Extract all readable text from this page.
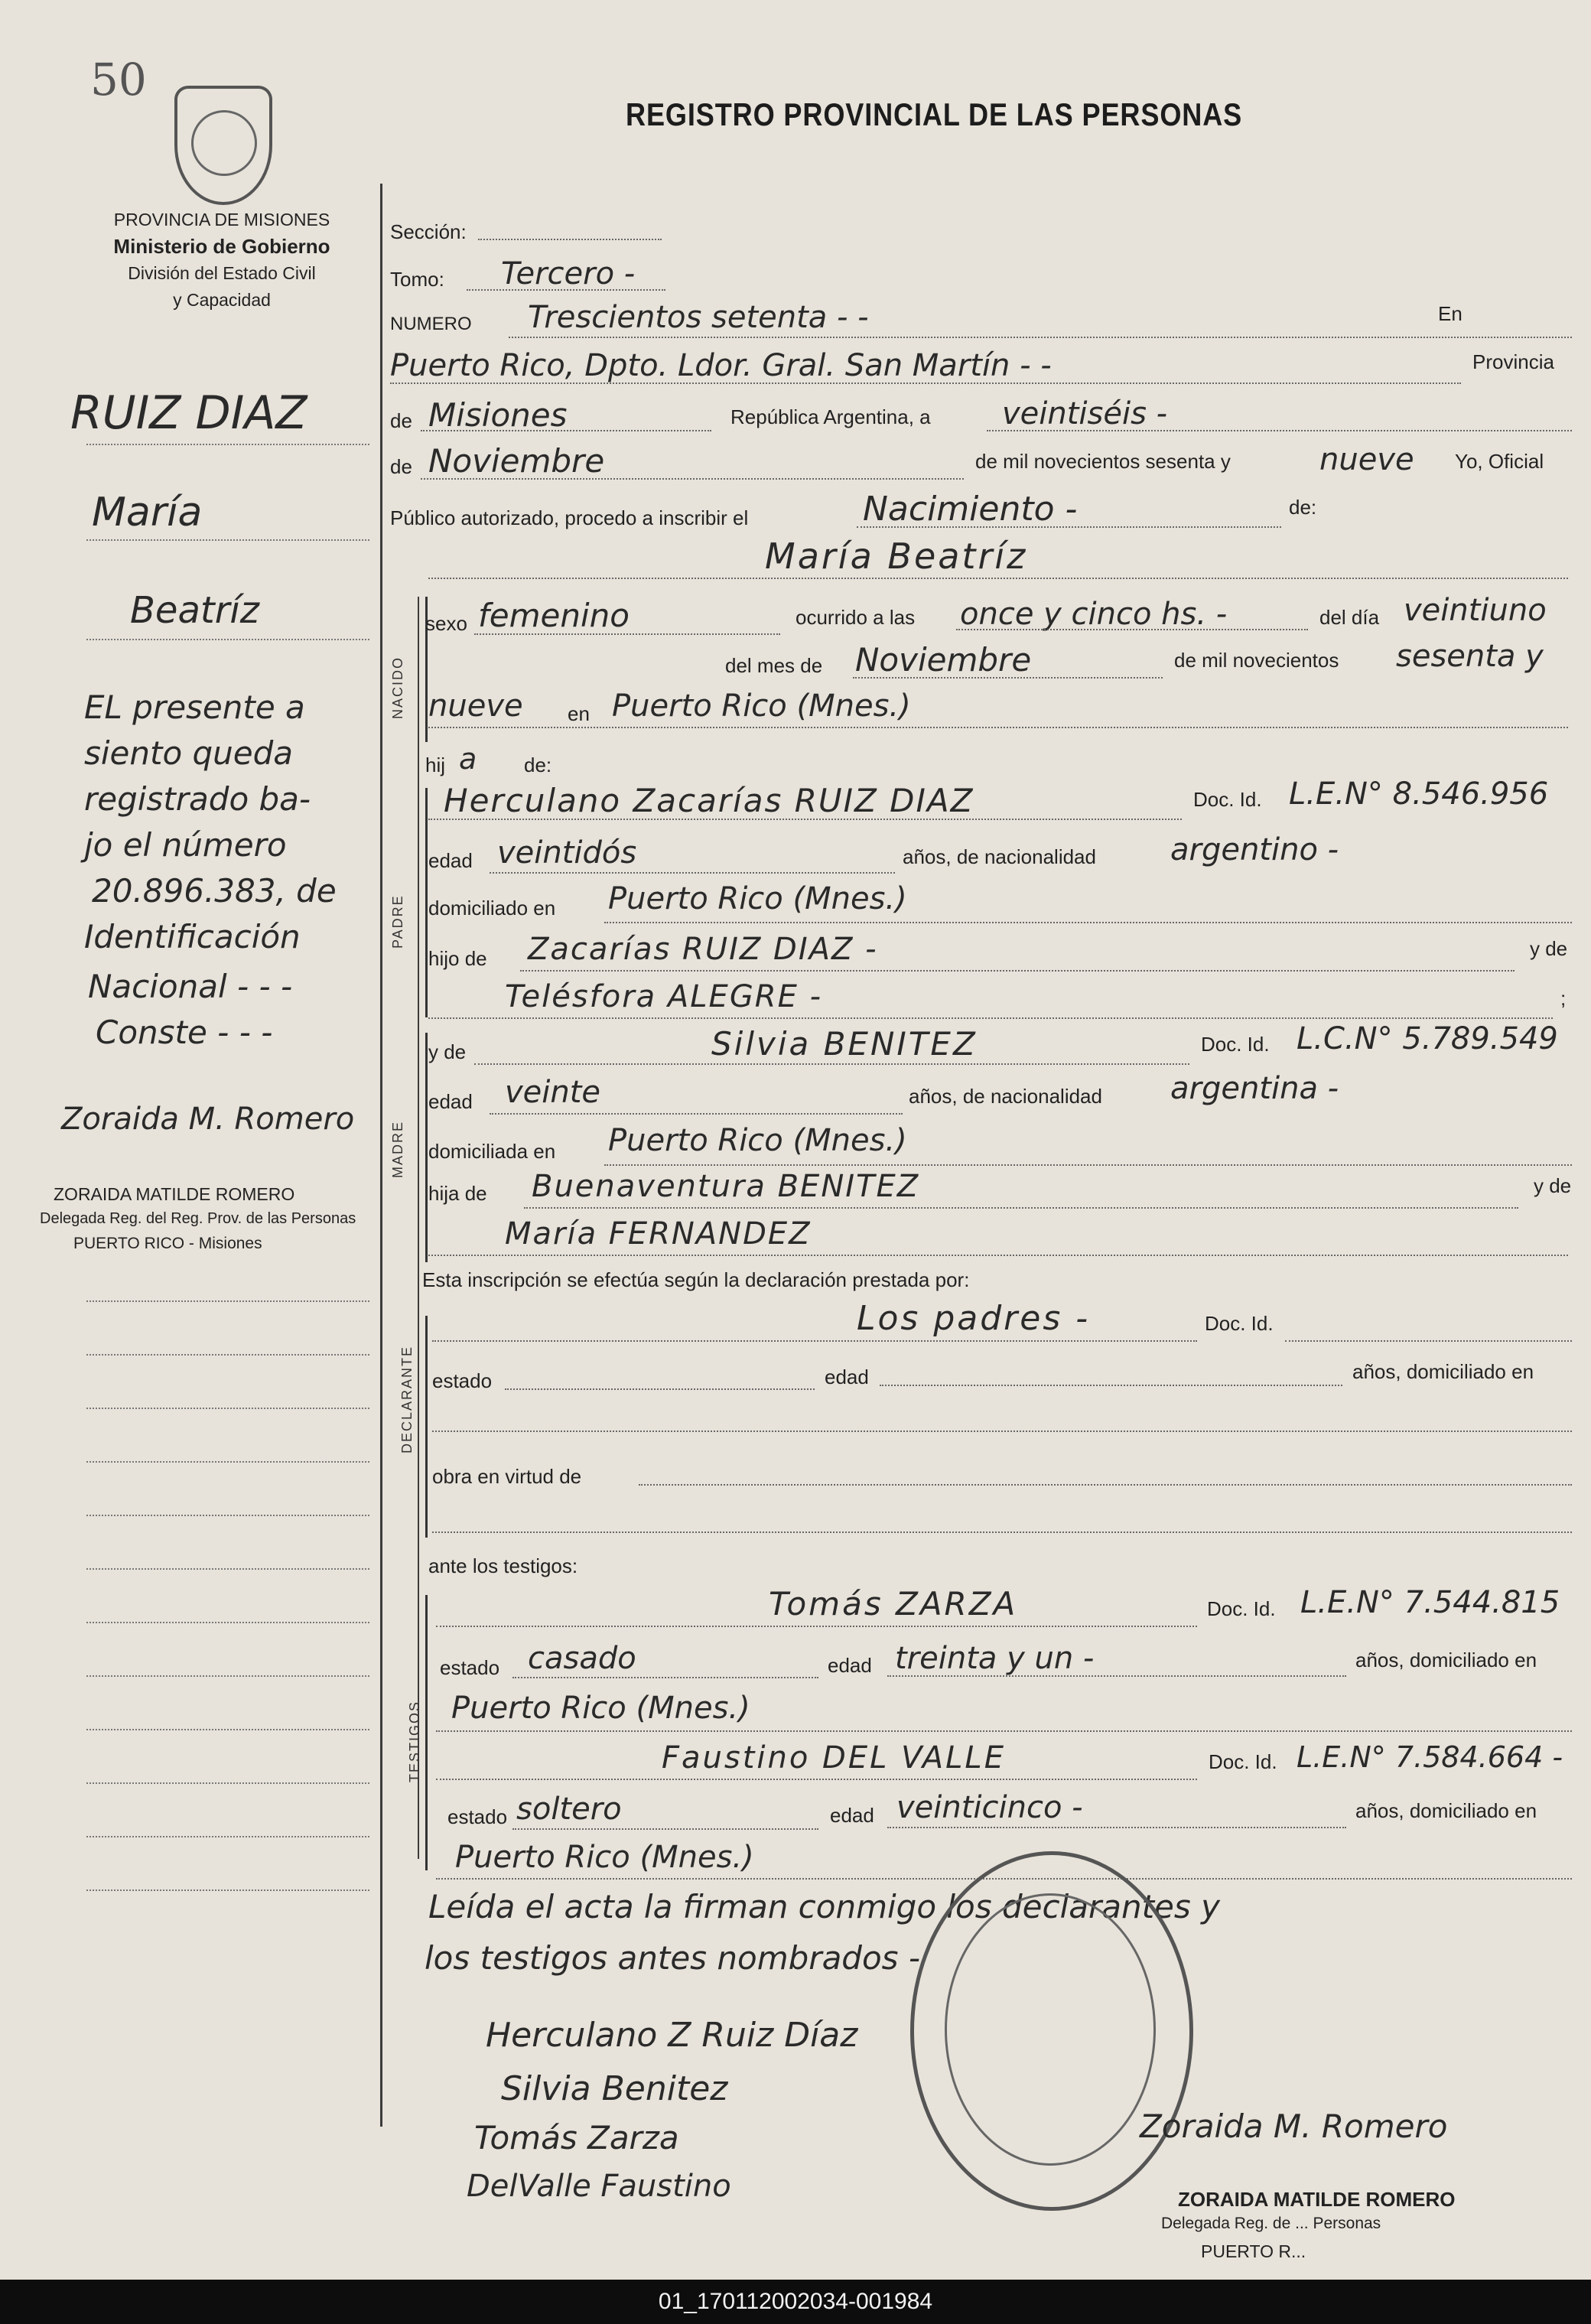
50
REGISTRO PROVINCIAL DE LAS PERSONAS
PROVINCIA DE MISIONES
Ministerio de Gobierno
División del Estado Civil
y Capacidad
RUIZ DIAZ
María
Beatríz
EL presente a
siento queda
registrado ba-
jo el número
20.896.383, de
Identificación
Nacional - - -
Conste - - -
Zoraida M. Romero
ZORAIDA MATILDE ROMERO
Delegada Reg. del Reg. Prov. de las Personas
PUERTO RICO - Misiones
Sección:
Tomo: Tercero -
NUMERO Trescientos setenta - -	En
Puerto Rico, Dpto. Ldor. Gral. San Martín - -	Provincia
de Misiones	República Argentina, a veintiséis -
de Noviembre	de mil novecientos sesenta y	nueve Yo, Oficial
Público autorizado, procedo a inscribir el	Nacimiento -	de:
María Beatríz
NACIDO
sexo femenino	ocurrido a las once y cinco hs. -	del día veintiuno
del mes de Noviembre	de mil novecientos sesenta y
nueve en Puerto Rico (Mnes.)
hij a de:
PADRE
Herculano Zacarías RUIZ DIAZ	Doc. Id. L.E.N° 8.546.956
edad veintidós	años, de nacionalidad argentino -
domiciliado en Puerto Rico (Mnes.)
hijo de Zacarías RUIZ DIAZ -	y de
Telésfora ALEGRE -	;
MADRE
y de	Silvia BENITEZ	Doc. Id. L.C.N° 5.789.549
edad veinte	años, de nacionalidad argentina -
domiciliada en Puerto Rico (Mnes.)
hija de Buenaventura BENITEZ	y de
María FERNANDEZ
Esta inscripción se efectúa según la declaración prestada por:
DECLARANTE
Los padres -	Doc. Id.
estado	edad	años, domiciliado en
obra en virtud de
ante los testigos:
TESTIGOS
Tomás ZARZA	Doc. Id. L.E.N° 7.544.815
estado casado	edad treinta y un -	años, domiciliado en
Puerto Rico (Mnes.)
Faustino DEL VALLE	Doc. Id. L.E.N° 7.584.664 -
estado soltero	edad veinticinco -	años, domiciliado en
Puerto Rico (Mnes.)
Leída el acta la firman conmigo los declarantes y
los testigos antes nombrados -
Herculano Z Ruiz Díaz
Silvia Benitez
Tomás Zarza
DelValle Faustino
Zoraida M. Romero
ZORAIDA MATILDE ROMERO
Delegada Reg. de ... Personas
PUERTO R...
01_170112002034-001984
